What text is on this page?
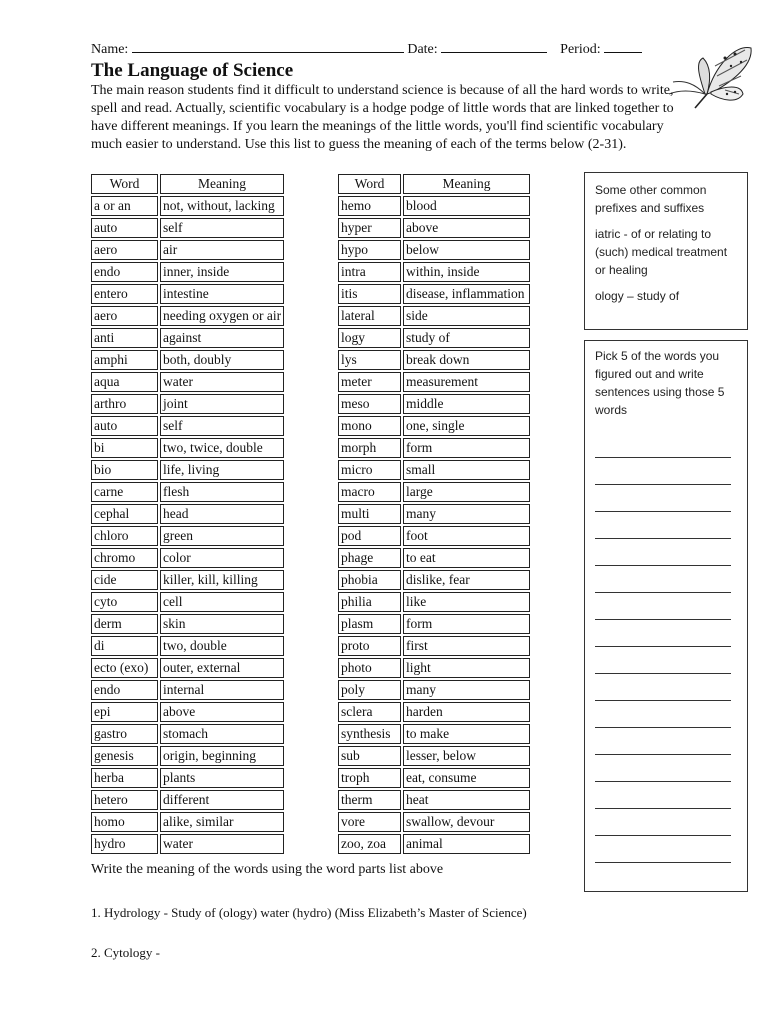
Name:	Date:	Period:
The Language of Science

The main reason students find it difficult to understand science is because of all the hard words to write, spell and read. Actually, scientific vocabulary is a hodge podge of little words that are linked together to have different meanings. If you learn the meanings of the little words, you'll find scientific vocabulary much easier to understand. Use this list to guess the meaning of each of the terms below (2-31).

Word	Meaning
a or an	not, without, lacking
auto	self
aero	air
endo	inner, inside
entero	intestine
aero	needing oxygen or air
anti	against
amphi	both, doubly
aqua	water
arthro	joint
auto	self
bi	two, twice, double
bio	life, living
carne	flesh
cephal	head
chloro	green
chromo	color
cide	killer, kill, killing
cyto	cell
derm	skin
di	two, double
ecto (exo)	outer, external
endo	internal
epi	above
gastro	stomach
genesis	origin, beginning
herba	plants
hetero	different
homo	alike, similar
hydro	water
Word	Meaning
hemo	blood
hyper	above
hypo	below
intra	within, inside
itis	disease, inflammation
lateral	side
logy	study of
lys	break down
meter	measurement
meso	middle
mono	one, single
morph	form
micro	small
macro	large
multi	many
pod	foot
phage	to eat
phobia	dislike, fear
philia	like
plasm	form
proto	first
photo	light
poly	many
sclera	harden
synthesis	to make
sub	lesser, below
troph	eat, consume
therm	heat
vore	swallow, devour
zoo, zoa	animal

Some other common prefixes and suffixes

iatric - of or relating to (such) medical treatment or healing

ology – study of

Pick 5 of the words you figured out and write sentences using those 5 words

Write the meaning of the words using the word parts list above
1. Hydrology - Study of (ology) water (hydro) (Miss Elizabeth’s Master of Science)
2. Cytology -
